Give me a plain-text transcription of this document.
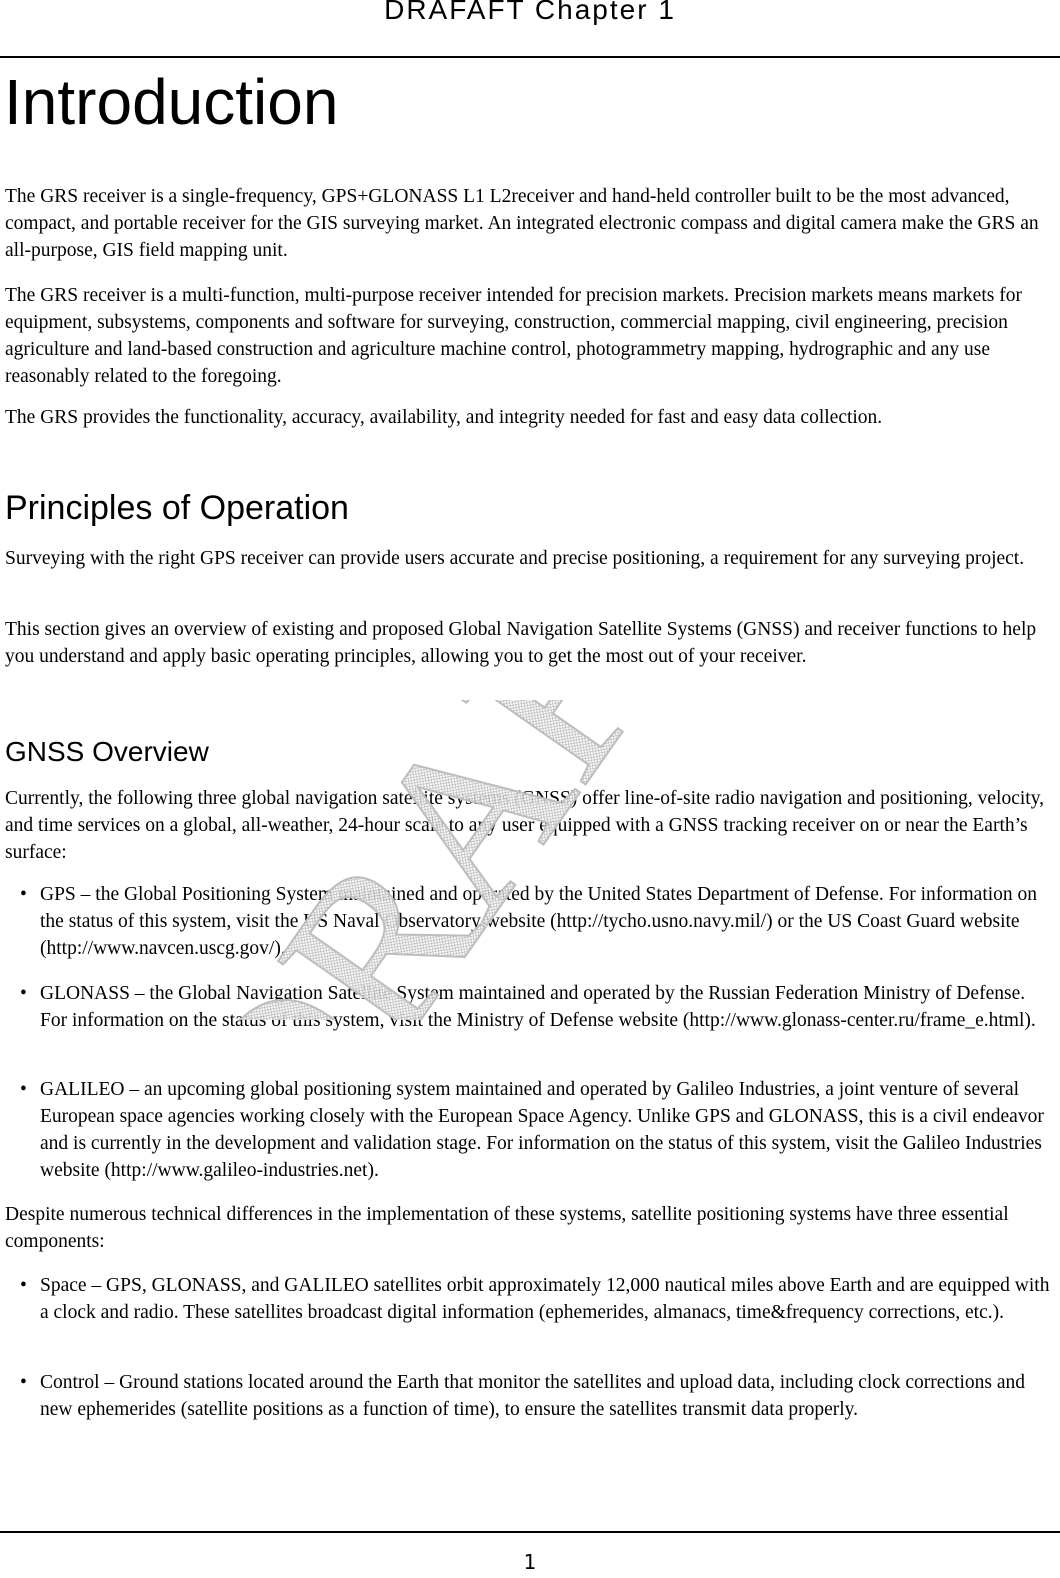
DRAFAFT Chapter 1
Introduction

The GRS receiver is a single-frequency, GPS+GLONASS L1 L2receiver and hand-held controller built to be the most advanced, compact, and portable receiver for the GIS surveying market. An integrated electronic compass and digital camera make the GRS an all-purpose, GIS field mapping unit.

The GRS receiver is a multi-function, multi-purpose receiver intended for precision markets. Precision markets means markets for equipment, subsystems, components and software for surveying, construction, commercial mapping, civil engineering, precision agriculture and land-based construction and agriculture machine control, photogrammetry mapping, hydrographic and any use reasonably related to the foregoing.

The GRS provides the functionality, accuracy, availability, and integrity needed for fast and easy data collection.

Principles of Operation

Surveying with the right GPS receiver can provide users accurate and precise positioning, a requirement for any surveying project.

This section gives an overview of existing and proposed Global Navigation Satellite Systems (GNSS) and receiver functions to help you understand and apply basic operating principles, allowing you to get the most out of your receiver.

GNSS Overview

Currently, the following three global navigation satellite systems (GNSS) offer line-of-site radio navigation and positioning, velocity, and time services on a global, all-weather, 24-hour scale to any user equipped with a GNSS tracking receiver on or near the Earth’s surface:

• GPS – the Global Positioning System maintained and operated by the United States Department of Defense. For information on the status of this system, visit the US Naval Observatory website (http://tycho.usno.navy.mil/) or the US Coast Guard website (http://www.navcen.uscg.gov/).

• GLONASS – the Global Navigation Satellite System maintained and operated by the Russian Federation Ministry of Defense. For information on the status of this system, visit the Ministry of Defense website (http://www.glonass-center.ru/frame_e.html).

• GALILEO – an upcoming global positioning system maintained and operated by Galileo Industries, a joint venture of several European space agencies working closely with the European Space Agency. Unlike GPS and GLONASS, this is a civil endeavor and is currently in the development and validation stage. For information on the status of this system, visit the Galileo Industries website (http://www.galileo-industries.net).

Despite numerous technical differences in the implementation of these systems, satellite positioning systems have three essential components:

• Space – GPS, GLONASS, and GALILEO satellites orbit approximately 12,000 nautical miles above Earth and are equipped with a clock and radio. These satellites broadcast digital information (ephemerides, almanacs, time&frequency corrections, etc.).

• Control – Ground stations located around the Earth that monitor the satellites and upload data, including clock corrections and new ephemerides (satellite positions as a function of time), to ensure the satellites transmit data properly.

1
